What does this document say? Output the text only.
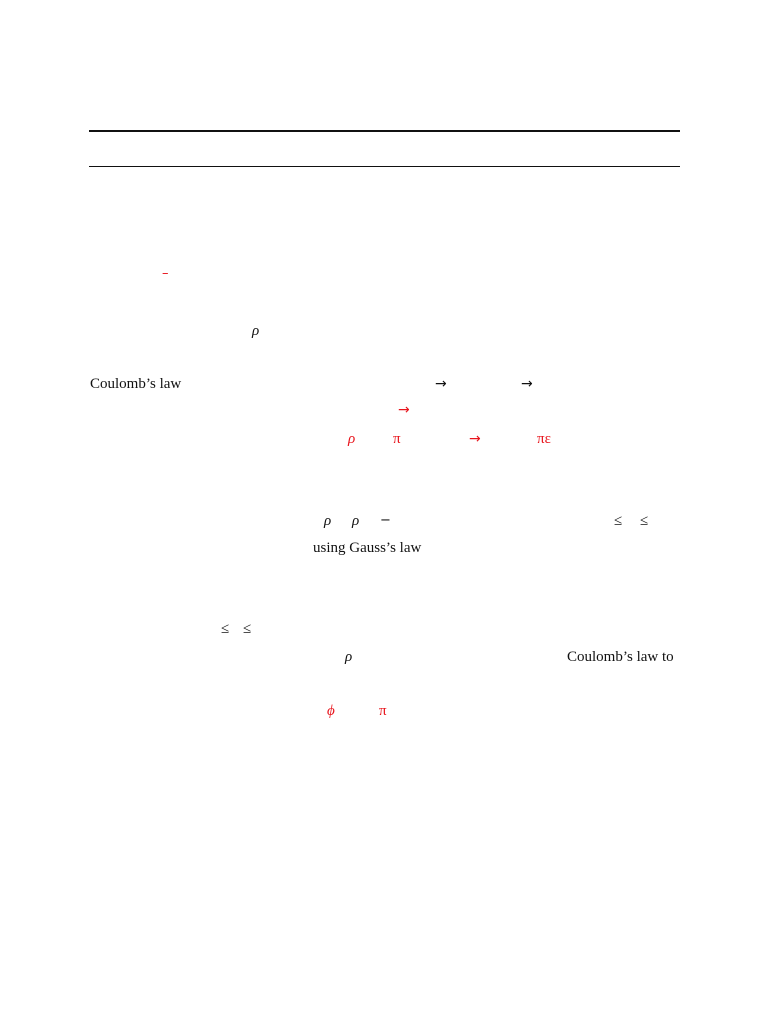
–
ρ
Coulomb’s law	→	→
→
ρ	π	→	πε
ρ ρ −	≤ ≤
using Gauss’s law
≤ ≤
ρ	Coulomb’s law to
ϕ	π
